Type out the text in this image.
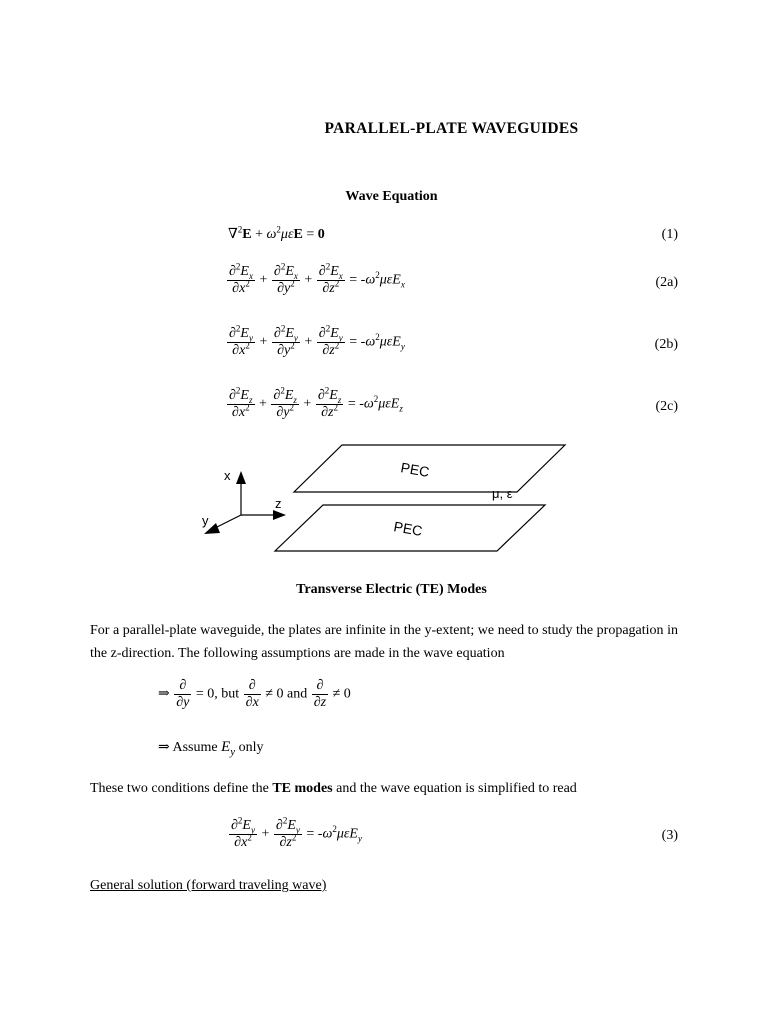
PARALLEL-PLATE WAVEGUIDES
Wave Equation
$\nabla^2E + \omega^2\mu\varepsilon E = 0$	(1)
$\frac{\partial^2E_x}{\partial x^2} + \frac{\partial^2E_x}{\partial y^2} + \frac{\partial^2E_x}{\partial z^2} = -\omega^2\mu\varepsilon E_x$	(2a)
$\frac{\partial^2E_y}{\partial x^2} + \frac{\partial^2E_y}{\partial y^2} + \frac{\partial^2E_y}{\partial z^2} = -\omega^2\mu\varepsilon E_y$	(2b)
$\frac{\partial^2E_z}{\partial x^2} + \frac{\partial^2E_z}{\partial y^2} + \frac{\partial^2E_z}{\partial z^2} = -\omega^2\mu\varepsilon E_z$	(2c)
PEC
PEC
μ, ε
x
z
y
Transverse Electric (TE) Modes
For a parallel-plate waveguide, the plates are infinite in the y-extent; we need to study the propagation in the z-direction. The following assumptions are made in the wave equation
⇒ $\frac{\partial}{\partial y} = 0$, but $\frac{\partial}{\partial x} \ne 0$ and $\frac{\partial}{\partial z} \ne 0$
⇒ Assume $E_y$ only
These two conditions define the TE modes and the wave equation is simplified to read
$\frac{\partial^2E_y}{\partial x^2} + \frac{\partial^2E_y}{\partial z^2} = -\omega^2\mu\varepsilon E_y$	(3)
General solution (forward traveling wave)
